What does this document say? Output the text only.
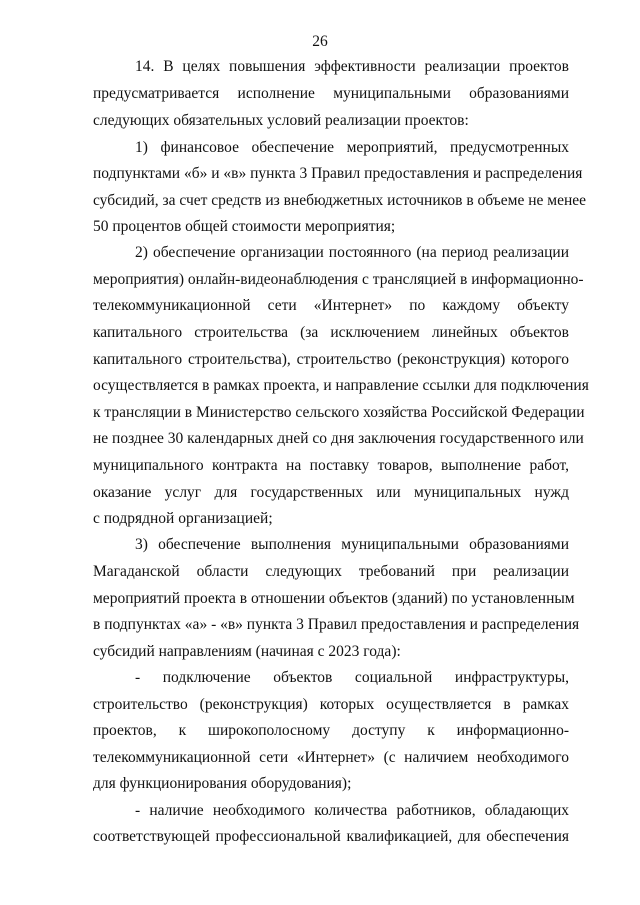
26
14. В целях повышения эффективности реализации проектов
предусматривается исполнение муниципальными образованиями
следующих обязательных условий реализации проектов:
1) финансовое обеспечение мероприятий, предусмотренных
подпунктами «б» и «в» пункта 3 Правил предоставления и распределения
субсидий, за счет средств из внебюджетных источников в объеме не менее
50 процентов общей стоимости мероприятия;
2) обеспечение организации постоянного (на период реализации
мероприятия) онлайн-видеонаблюдения с трансляцией в информационно-
телекоммуникационной сети «Интернет» по каждому объекту
капитального строительства (за исключением линейных объектов
капитального строительства), строительство (реконструкция) которого
осуществляется в рамках проекта, и направление ссылки для подключения
к трансляции в Министерство сельского хозяйства Российской Федерации
не позднее 30 календарных дней со дня заключения государственного или
муниципального контракта на поставку товаров, выполнение работ,
оказание услуг для государственных или муниципальных нужд
с подрядной организацией;
3) обеспечение выполнения муниципальными образованиями
Магаданской области следующих требований при реализации
мероприятий проекта в отношении объектов (зданий) по установленным
в подпунктах «а» - «в» пункта 3 Правил предоставления и распределения
субсидий направлениям (начиная с 2023 года):
- подключение объектов социальной инфраструктуры,
строительство (реконструкция) которых осуществляется в рамках
проектов, к широкополосному доступу к информационно-
телекоммуникационной сети «Интернет» (с наличием необходимого
для функционирования оборудования);
- наличие необходимого количества работников, обладающих
соответствующей профессиональной квалификацией, для обеспечения
